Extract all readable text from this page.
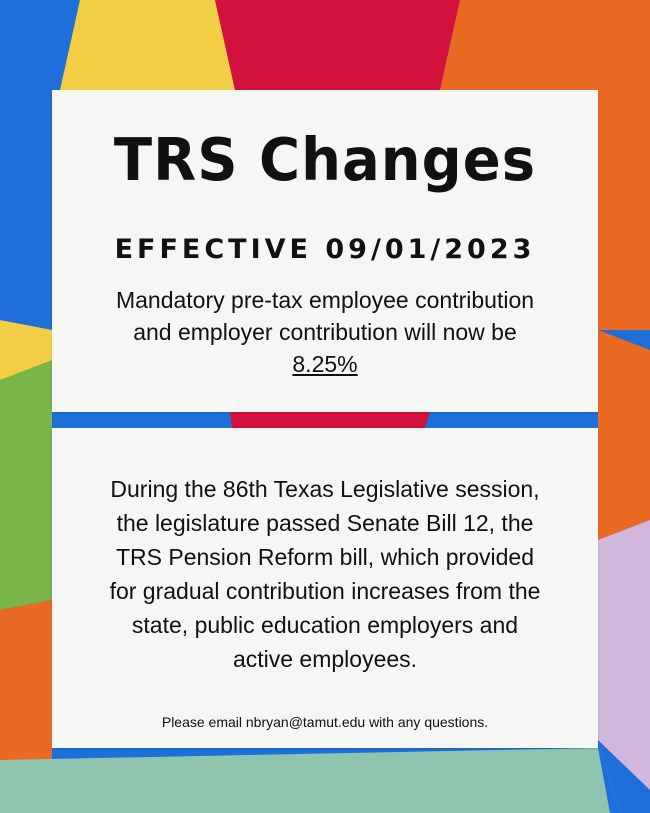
TRS Changes
EFFECTIVE 09/01/2023
Mandatory pre-tax employee contribution
and employer contribution will now be
8.25%
During the 86th Texas Legislative session,
the legislature passed Senate Bill 12, the
TRS Pension Reform bill, which provided
for gradual contribution increases from the
state, public education employers and
active employees.
Please email nbryan@tamut.edu with any questions.
